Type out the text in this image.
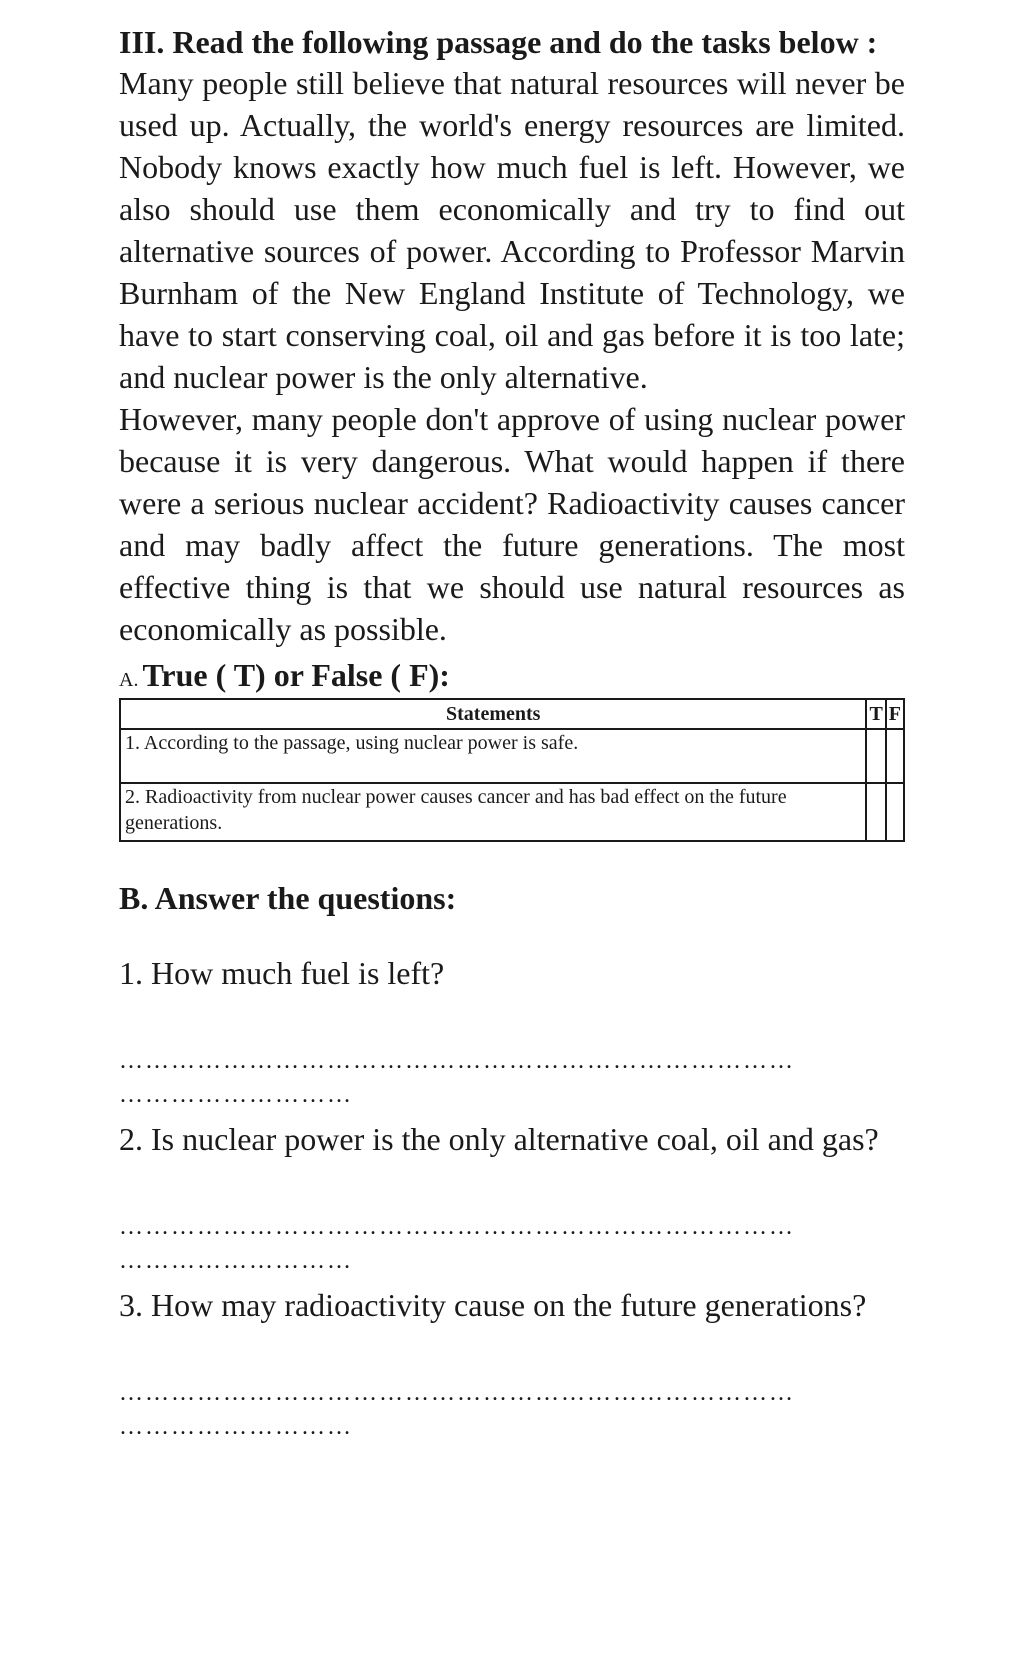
III. Read the following passage and do the tasks below :

Many people still believe that natural resources will never be used up. Actually, the world's energy resources are limited. Nobody knows exactly how much fuel is left. However, we also should use them economically and try to find out alternative sources of power. According to Professor Marvin Burnham of the New England Institute of Technology, we have to start conserving coal, oil and gas before it is too late; and nuclear power is the only alternative.

However, many people don't approve of using nuclear power because it is very dangerous. What would happen if there were a serious nuclear accident? Radioactivity causes cancer and may badly affect the future generations. The most effective thing is that we should use natural resources as economically as possible.

A. True ( T) or False ( F):
Statements	T	F
1. According to the passage, using nuclear power is safe.		
2. Radioactivity from nuclear power causes cancer and has bad effect on the future generations.		
B. Answer the questions:

1. How much fuel is left?

……………………………………………………………………
………………………

2. Is nuclear power is the only alternative coal, oil and gas?

……………………………………………………………………
………………………

3. How may radioactivity cause on the future generations?

……………………………………………………………………
………………………
